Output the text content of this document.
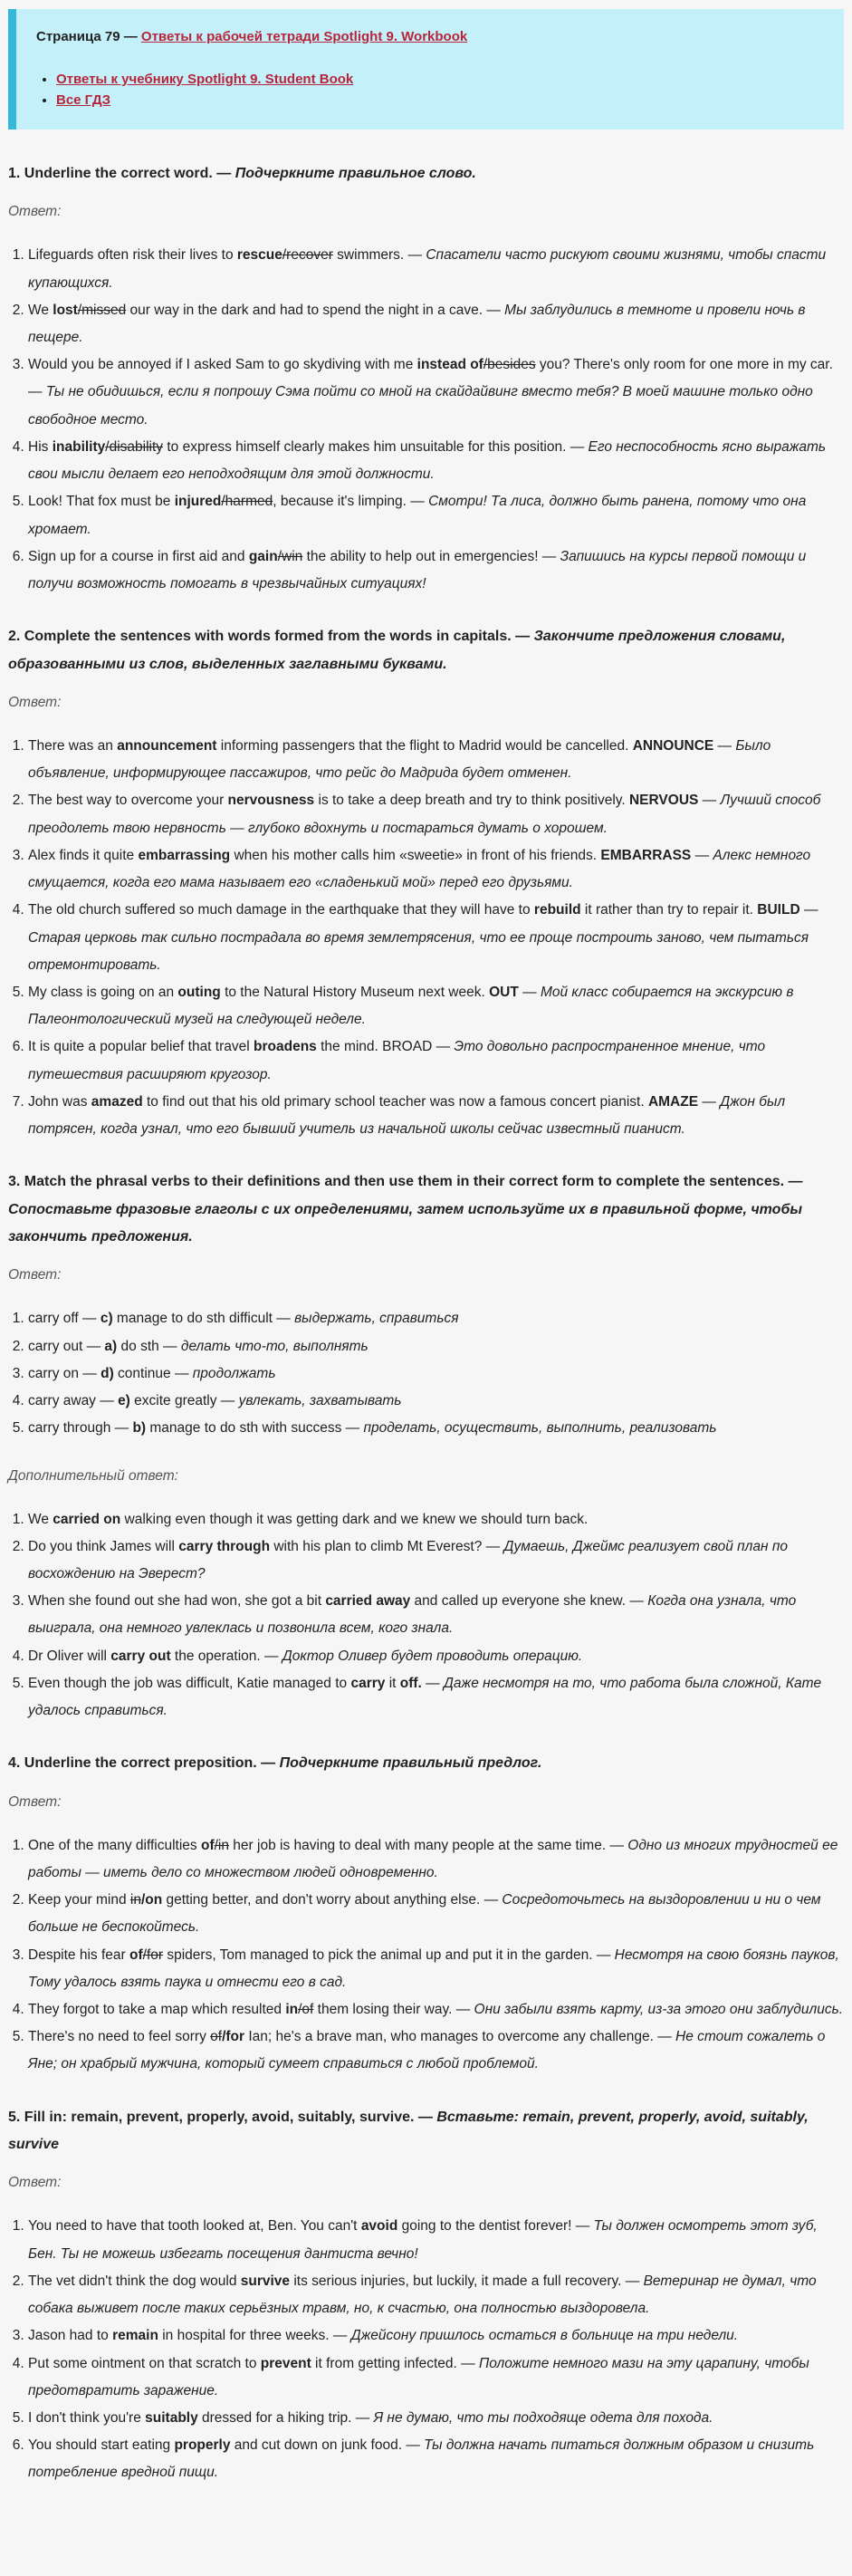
Страница 79 — Ответы к рабочей тетради Spotlight 9. Workbook
• Ответы к учебнику Spotlight 9. Student Book
• Все ГДЗ
1. Underline the correct word. — Подчеркните правильное слово.
Ответ:
1. Lifeguards often risk their lives to rescue/recover swimmers. — Спасатели часто рискуют своими жизнями, чтобы спасти купающихся.
2. We lost/missed our way in the dark and had to spend the night in a cave. — Мы заблудились в темноте и провели ночь в пещере.
3. Would you be annoyed if I asked Sam to go skydiving with me instead of/besides you? There's only room for one more in my car. — Ты не обидишься, если я попрошу Сэма пойти со мной на скайдайвинг вместо тебя? В моей машине только одно свободное место.
4. His inability/disability to express himself clearly makes him unsuitable for this position. — Его неспособность ясно выражать свои мысли делает его неподходящим для этой должности.
5. Look! That fox must be injured/harmed, because it's limping. — Смотри! Та лиса, должно быть ранена, потому что она хромает.
6. Sign up for a course in first aid and gain/win the ability to help out in emergencies! — Запишись на курсы первой помощи и получи возможность помогать в чрезвычайных ситуациях!
2. Complete the sentences with words formed from the words in capitals. — Закончите предложения словами, образованными из слов, выделенных заглавными буквами.
Ответ:
1. There was an announcement informing passengers that the flight to Madrid would be cancelled. ANNOUNCE — Было объявление, информирующее пассажиров, что рейс до Мадрида будет отменен.
2. The best way to overcome your nervousness is to take a deep breath and try to think positively. NERVOUS — Лучший способ преодолеть твою нервность — глубоко вдохнуть и постараться думать о хорошем.
3. Alex finds it quite embarrassing when his mother calls him «sweetie» in front of his friends. EMBARRASS — Алекс немного смущается, когда его мама называет его «сладенький мой» перед его друзьями.
4. The old church suffered so much damage in the earthquake that they will have to rebuild it rather than try to repair it. BUILD — Старая церковь так сильно пострадала во время землетрясения, что ее проще построить заново, чем пытаться отремонтировать.
5. My class is going on an outing to the Natural History Museum next week. OUT — Мой класс собирается на экскурсию в Палеонтологический музей на следующей неделе.
6. It is quite a popular belief that travel broadens the mind. BROAD — Это довольно распространенное мнение, что путешествия расширяют кругозор.
7. John was amazed to find out that his old primary school teacher was now a famous concert pianist. AMAZE — Джон был потрясен, когда узнал, что его бывший учитель из начальной школы сейчас известный пианист.
3. Match the phrasal verbs to their definitions and then use them in their correct form to complete the sentences. — Сопоставьте фразовые глаголы с их определениями, затем используйте их в правильной форме, чтобы закончить предложения.
Ответ:
1. carry off — c) manage to do sth difficult — выдержать, справиться
2. carry out — a) do sth — делать что-то, выполнять
3. carry on — d) continue — продолжать
4. carry away — e) excite greatly — увлекать, захватывать
5. carry through — b) manage to do sth with success — проделать, осуществить, выполнить, реализовать
Дополнительный ответ:
1. We carried on walking even though it was getting dark and we knew we should turn back.
2. Do you think James will carry through with his plan to climb Mt Everest? — Думаешь, Джеймс реализует свой план по восхождению на Эверест?
3. When she found out she had won, she got a bit carried away and called up everyone she knew. — Когда она узнала, что выиграла, она немного увлеклась и позвонила всем, кого знала.
4. Dr Oliver will carry out the operation. — Доктор Оливер будет проводить операцию.
5. Even though the job was difficult, Katie managed to carry it off. — Даже несмотря на то, что работа была сложной, Кате удалось справиться.
4. Underline the correct preposition. — Подчеркните правильный предлог.
Ответ:
1. One of the many difficulties of/in her job is having to deal with many people at the same time. — Одно из многих трудностей ее работы — иметь дело со множеством людей одновременно.
2. Keep your mind in/on getting better, and don't worry about anything else. — Сосредоточьтесь на выздоровлении и ни о чем больше не беспокойтесь.
3. Despite his fear of/for spiders, Tom managed to pick the animal up and put it in the garden. — Несмотря на свою боязнь пауков, Тому удалось взять паука и отнести его в сад.
4. They forgot to take a map which resulted in/of them losing their way. — Они забыли взять карту, из-за этого они заблудились.
5. There's no need to feel sorry of/for Ian; he's a brave man, who manages to overcome any challenge. — Не стоит сожалеть о Яне; он храбрый мужчина, который сумеет справиться с любой проблемой.
5. Fill in: remain, prevent, properly, avoid, suitably, survive. — Вставьте: remain, prevent, properly, avoid, suitably, survive
Ответ:
1. You need to have that tooth looked at, Ben. You can't avoid going to the dentist forever! — Ты должен осмотреть этот зуб, Бен. Ты не можешь избегать посещения дантиста вечно!
2. The vet didn't think the dog would survive its serious injuries, but luckily, it made a full recovery. — Ветеринар не думал, что собака выживет после таких серьёзных травм, но, к счастью, она полностью выздоровела.
3. Jason had to remain in hospital for three weeks. — Джейсону пришлось остаться в больнице на три недели.
4. Put some ointment on that scratch to prevent it from getting infected. — Положите немного мази на эту царапину, чтобы предотвратить заражение.
5. I don't think you're suitably dressed for a hiking trip. — Я не думаю, что ты подходяще одета для похода.
6. You should start eating properly and cut down on junk food. — Ты должна начать питаться должным образом и снизить потребление вредной пищи.
